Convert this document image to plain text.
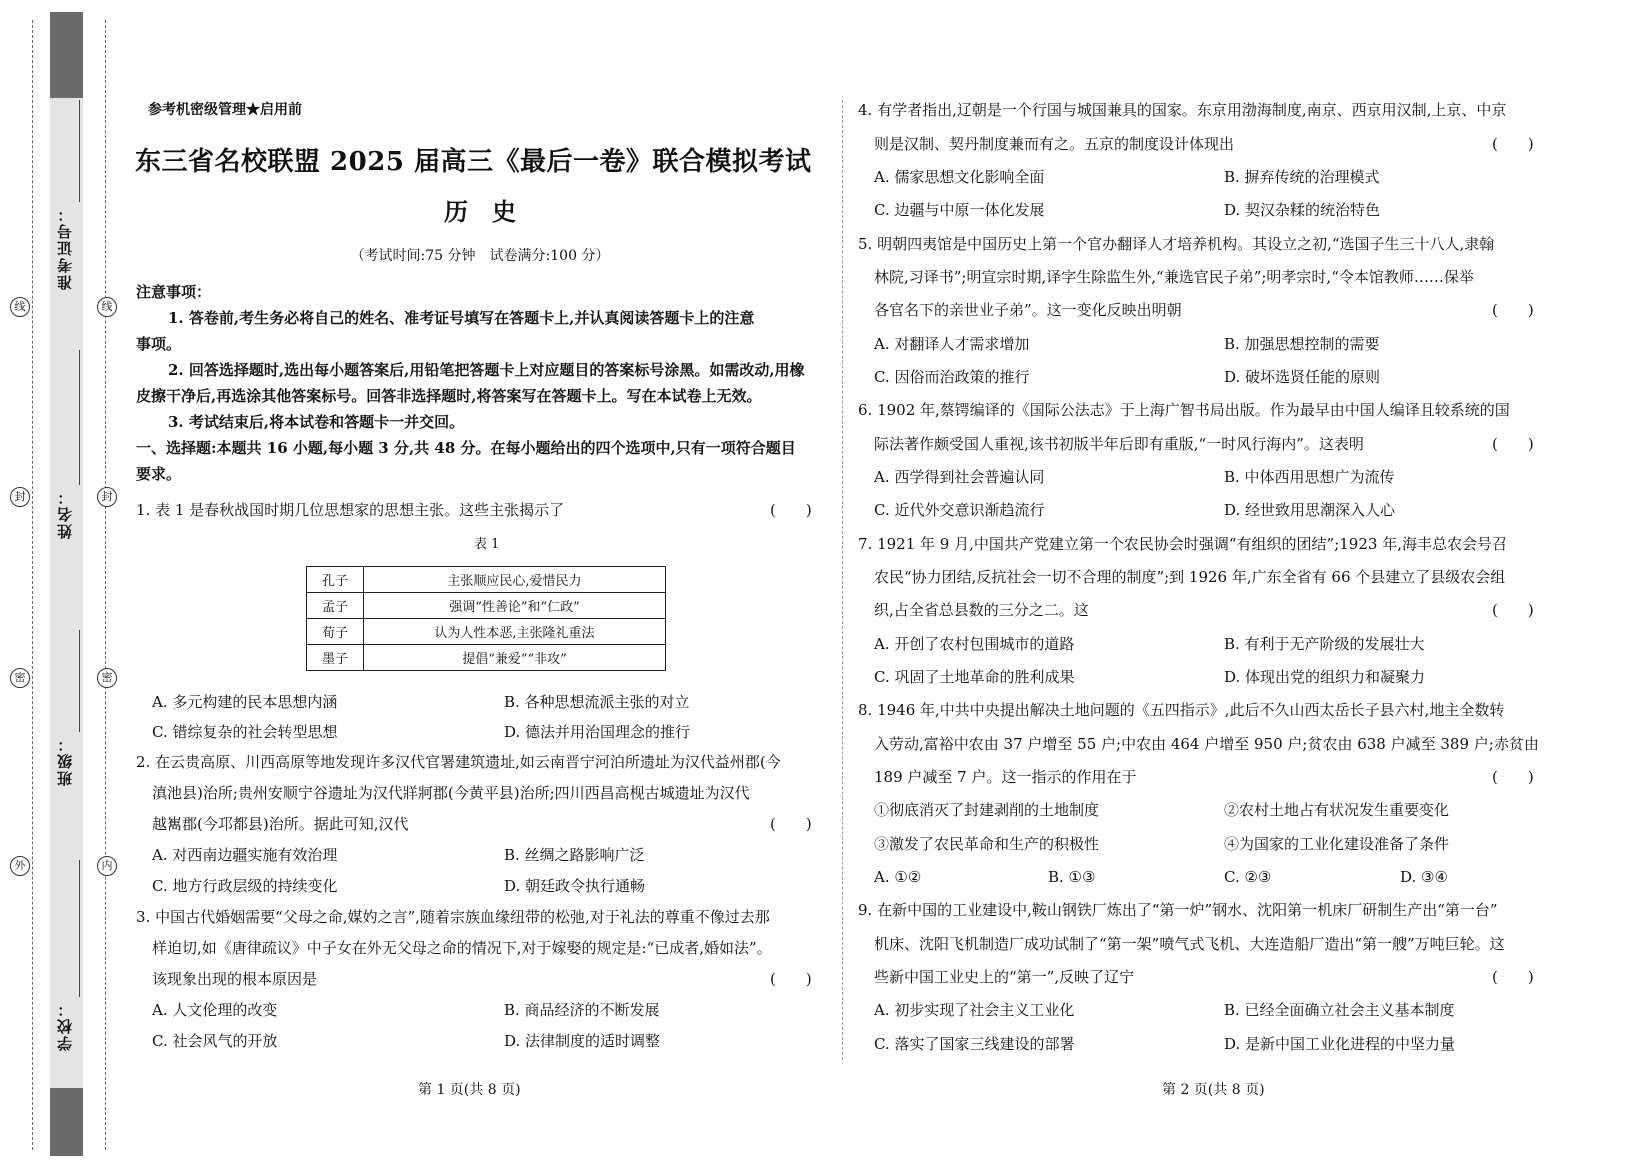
准考证号：
姓名：
班级：
学校：
线
封
密
外
线
封
密
内
参考机密级管理★启用前
东三省名校联盟 2025 届高三《最后一卷》联合模拟考试
历　史
（考试时间:75 分钟　试卷满分:100 分）
注意事项：
1. 答卷前,考生务必将自己的姓名、准考证号填写在答题卡上,并认真阅读答题卡上的注意
事项。
2. 回答选择题时,选出每小题答案后,用铅笔把答题卡上对应题目的答案标号涂黑。如需改动,用橡
皮擦干净后,再选涂其他答案标号。回答非选择题时,将答案写在答题卡上。写在本试卷上无效。
3. 考试结束后,将本试卷和答题卡一并交回。
一、选择题:本题共 16 小题,每小题 3 分,共 48 分。在每小题给出的四个选项中,只有一项符合题目
要求。
1. 表 1 是春秋战国时期几位思想家的思想主张。这些主张揭示了	(　　)
表 1
孔子	主张顺应民心,爱惜民力
孟子	强调“性善论”和“仁政”
荀子	认为人性本恶,主张隆礼重法
墨子	提倡“兼爱”“非攻”
A. 多元构建的民本思想内涵	B. 各种思想流派主张的对立
C. 错综复杂的社会转型思想	D. 德法并用治国理念的推行
2. 在云贵高原、川西高原等地发现许多汉代官署建筑遗址,如云南晋宁河泊所遗址为汉代益州郡(今
滇池县)治所;贵州安顺宁谷遗址为汉代牂牁郡(今黄平县)治所;四川西昌高枧古城遗址为汉代
越嶲郡(今邛都县)治所。据此可知,汉代	(　　)
A. 对西南边疆实施有效治理	B. 丝绸之路影响广泛
C. 地方行政层级的持续变化	D. 朝廷政令执行通畅
3. 中国古代婚姻需要“父母之命,媒妁之言”,随着宗族血缘纽带的松弛,对于礼法的尊重不像过去那
样迫切,如《唐律疏议》中子女在外无父母之命的情况下,对于嫁娶的规定是:“已成者,婚如法”。
该现象出现的根本原因是	(　　)
A. 人文伦理的改变	B. 商品经济的不断发展
C. 社会风气的开放	D. 法律制度的适时调整
4. 有学者指出,辽朝是一个行国与城国兼具的国家。东京用渤海制度,南京、西京用汉制,上京、中京
则是汉制、契丹制度兼而有之。五京的制度设计体现出	(　　)
A. 儒家思想文化影响全面	B. 摒弃传统的治理模式
C. 边疆与中原一体化发展	D. 契汉杂糅的统治特色
5. 明朝四夷馆是中国历史上第一个官办翻译人才培养机构。其设立之初,“选国子生三十八人,隶翰
林院,习译书”;明宣宗时期,译字生除监生外,“兼选官民子弟”;明孝宗时,“令本馆教师……保举
各官名下的亲世业子弟”。这一变化反映出明朝	(　　)
A. 对翻译人才需求增加	B. 加强思想控制的需要
C. 因俗而治政策的推行	D. 破坏选贤任能的原则
6. 1902 年,蔡锷编译的《国际公法志》于上海广智书局出版。作为最早由中国人编译且较系统的国
际法著作颇受国人重视,该书初版半年后即有重版,“一时风行海内”。这表明	(　　)
A. 西学得到社会普遍认同	B. 中体西用思想广为流传
C. 近代外交意识渐趋流行	D. 经世致用思潮深入人心
7. 1921 年 9 月,中国共产党建立第一个农民协会时强调“有组织的团结”;1923 年,海丰总农会号召
农民“协力团结,反抗社会一切不合理的制度”;到 1926 年,广东全省有 66 个县建立了县级农会组
织,占全省总县数的三分之二。这	(　　)
A. 开创了农村包围城市的道路	B. 有利于无产阶级的发展壮大
C. 巩固了土地革命的胜利成果	D. 体现出党的组织力和凝聚力
8. 1946 年,中共中央提出解决土地问题的《五四指示》,此后不久山西太岳长子县六村,地主全数转
入劳动,富裕中农由 37 户增至 55 户;中农由 464 户增至 950 户;贫农由 638 户减至 389 户;赤贫由
189 户减至 7 户。这一指示的作用在于	(　　)
①彻底消灭了封建剥削的土地制度	②农村土地占有状况发生重要变化
③激发了农民革命和生产的积极性	④为国家的工业化建设准备了条件
A. ①②	B. ①③	C. ②③	D. ③④
9. 在新中国的工业建设中,鞍山钢铁厂炼出了“第一炉”钢水、沈阳第一机床厂研制生产出“第一台”
机床、沈阳飞机制造厂成功试制了“第一架”喷气式飞机、大连造船厂造出“第一艘”万吨巨轮。这
些新中国工业史上的“第一”,反映了辽宁	(　　)
A. 初步实现了社会主义工业化	B. 已经全面确立社会主义基本制度
C. 落实了国家三线建设的部署	D. 是新中国工业化进程的中坚力量
第 1 页(共 8 页)	第 2 页(共 8 页)
